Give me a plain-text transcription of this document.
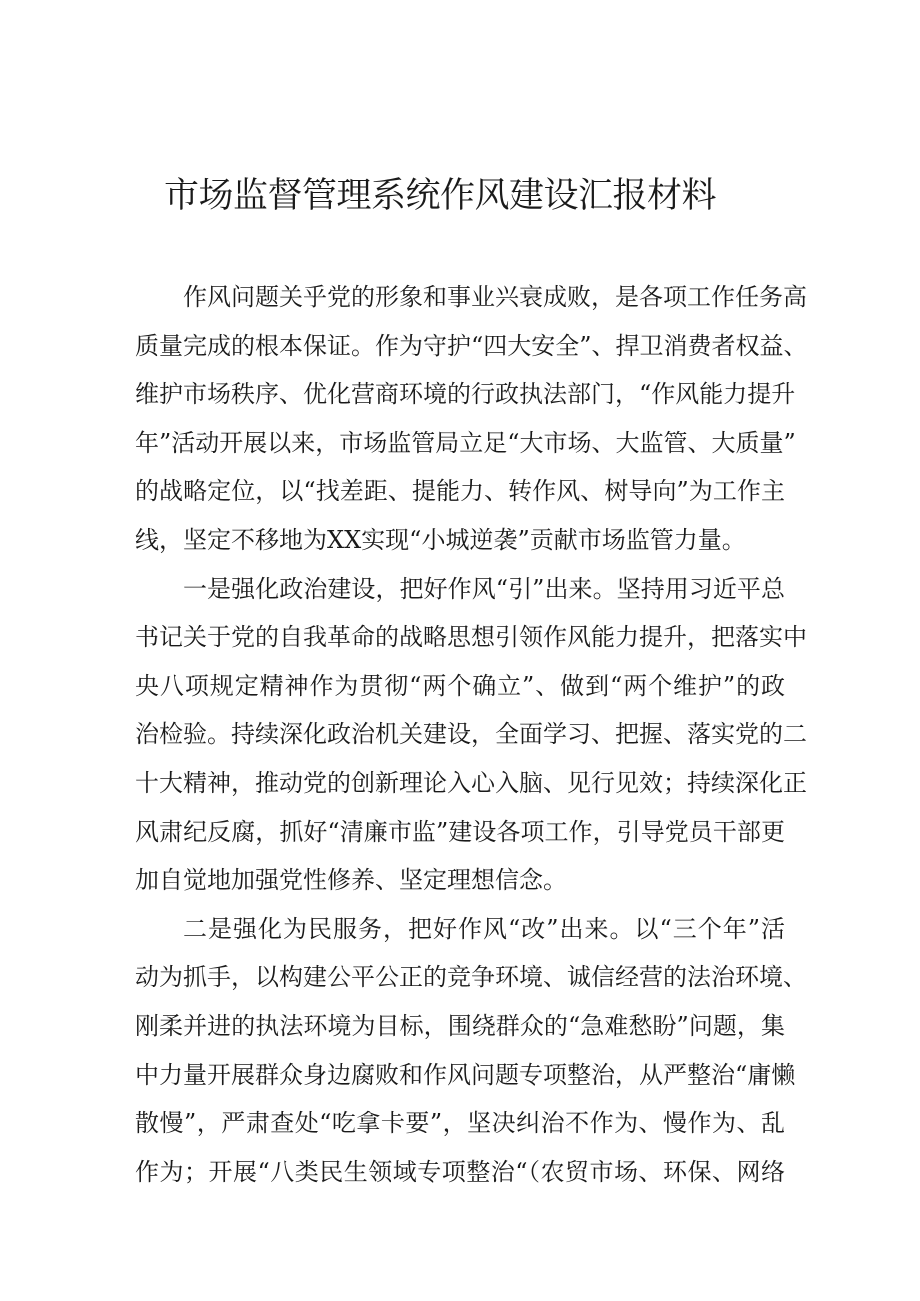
市场监督管理系统作风建设汇报材料
作风问题关乎党的形象和事业兴衰成败，是各项工作任务高
质量完成的根本保证。作为守护“四大安全”、捍卫消费者权益、
维护市场秩序、优化营商环境的行政执法部门，“作风能力提升
年”活动开展以来，市场监管局立足“大市场、大监管、大质量”
的战略定位，以“找差距、提能力、转作风、树导向”为工作主
线，坚定不移地为XX实现“小城逆袭”贡献市场监管力量。
一是强化政治建设，把好作风“引”出来。坚持用习近平总
书记关于党的自我革命的战略思想引领作风能力提升，把落实中
央八项规定精神作为贯彻“两个确立”、做到“两个维护”的政
治检验。持续深化政治机关建设，全面学习、把握、落实党的二
十大精神，推动党的创新理论入心入脑、见行见效；持续深化正
风肃纪反腐，抓好“清廉市监”建设各项工作，引导党员干部更
加自觉地加强党性修养、坚定理想信念。
二是强化为民服务，把好作风“改”出来。以“三个年”活
动为抓手，以构建公平公正的竞争环境、诚信经营的法治环境、
刚柔并进的执法环境为目标，围绕群众的“急难愁盼”问题，集
中力量开展群众身边腐败和作风问题专项整治，从严整治“庸懒
散慢”，严肃查处“吃拿卡要”，坚决纠治不作为、慢作为、乱
作为；开展“八类民生领域专项整治“（农贸市场、环保、网络
